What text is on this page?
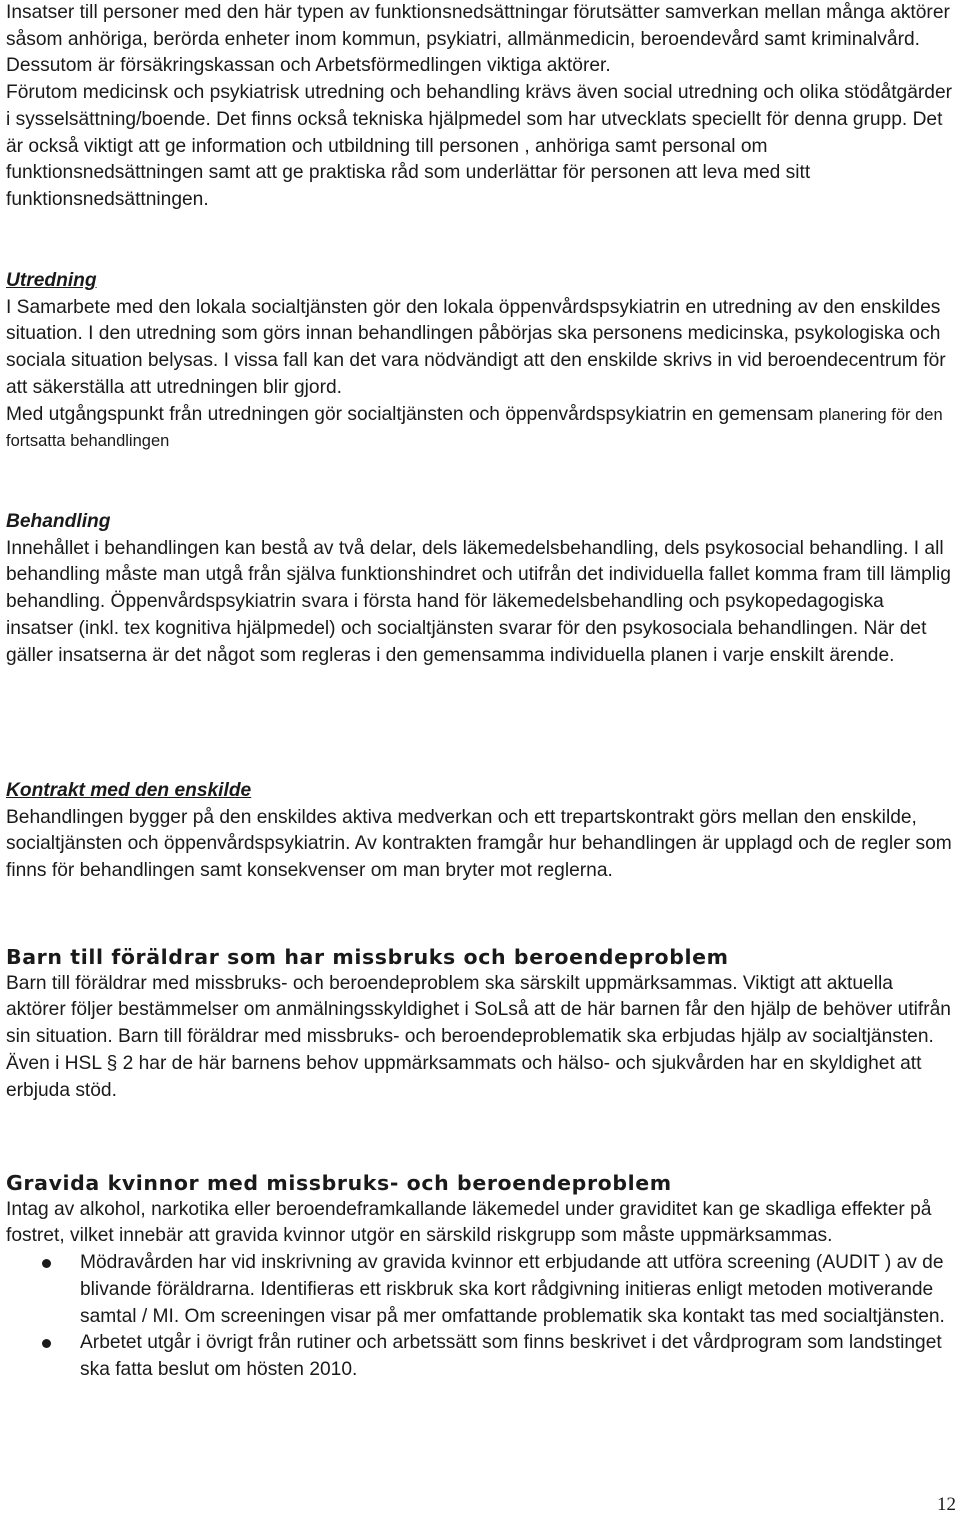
Insatser till personer med den här typen av funktionsnedsättningar förutsätter samverkan mellan många aktörer såsom anhöriga, berörda enheter inom kommun, psykiatri, allmänmedicin, beroendevård samt kriminalvård. Dessutom är försäkringskassan och Arbetsförmedlingen viktiga aktörer.

Förutom medicinsk och psykiatrisk utredning och behandling krävs även social utredning och olika stödåtgärder i sysselsättning/boende. Det finns också tekniska hjälpmedel som har utvecklats speciellt för denna grupp. Det är också viktigt att ge information och utbildning till personen , anhöriga samt personal om funktionsnedsättningen samt att ge praktiska råd som underlättar för personen att leva med sitt funktionsnedsättningen.

Utredning

I Samarbete med den lokala socialtjänsten gör den lokala öppenvårdspsykiatrin en utredning av den enskildes situation. I den utredning som görs innan behandlingen påbörjas ska personens medicinska, psykologiska och sociala situation belysas. I vissa fall kan det vara nödvändigt att den enskilde skrivs in vid beroendecentrum för att säkerställa att utredningen blir gjord.

Med utgångspunkt från utredningen gör socialtjänsten och öppenvårdspsykiatrin en gemensam planering för den fortsatta behandlingen

Behandling

Innehållet i behandlingen kan bestå av två delar, dels läkemedelsbehandling, dels psykosocial behandling. I all behandling måste man utgå från själva funktionshindret och utifrån det individuella fallet komma fram till lämplig behandling. Öppenvårdspsykiatrin svara i första hand för läkemedelsbehandling och psykopedagogiska insatser (inkl. tex kognitiva hjälpmedel) och socialtjänsten svarar för den psykosociala behandlingen. När det gäller insatserna är det något som regleras i den gemensamma individuella planen i varje enskilt ärende.

Kontrakt med den enskilde

Behandlingen bygger på den enskildes aktiva medverkan och ett trepartskontrakt görs mellan den enskilde, socialtjänsten och öppenvårdspsykiatrin. Av kontrakten framgår hur behandlingen är upplagd och de regler som finns för behandlingen samt konsekvenser om man bryter mot reglerna.

Barn till föräldrar som har missbruks och beroendeproblem

Barn till föräldrar med missbruks- och beroendeproblem ska särskilt uppmärksammas. Viktigt att aktuella aktörer följer bestämmelser om anmälningsskyldighet i SoLså att de här barnen får den hjälp de behöver utifrån sin situation. Barn till föräldrar med missbruks- och beroendeproblematik ska erbjudas hjälp av socialtjänsten. Även i HSL § 2 har de här barnens behov uppmärksammats och hälso- och sjukvården har en skyldighet att erbjuda stöd.

Gravida kvinnor med missbruks- och beroendeproblem

Intag av alkohol, narkotika eller beroendeframkallande läkemedel under graviditet kan ge skadliga effekter på fostret, vilket innebär att gravida kvinnor utgör en särskild riskgrupp som måste uppmärksammas.

Mödravården har vid inskrivning av gravida kvinnor ett erbjudande att utföra screening (AUDIT ) av de blivande föräldrarna. Identifieras ett riskbruk ska kort rådgivning initieras enligt metoden motiverande samtal / MI. Om screeningen visar på mer omfattande problematik ska kontakt tas med socialtjänsten.
Arbetet utgår i övrigt från rutiner och arbetssätt som finns beskrivet i det vårdprogram som landstinget ska fatta beslut om hösten 2010.
12
